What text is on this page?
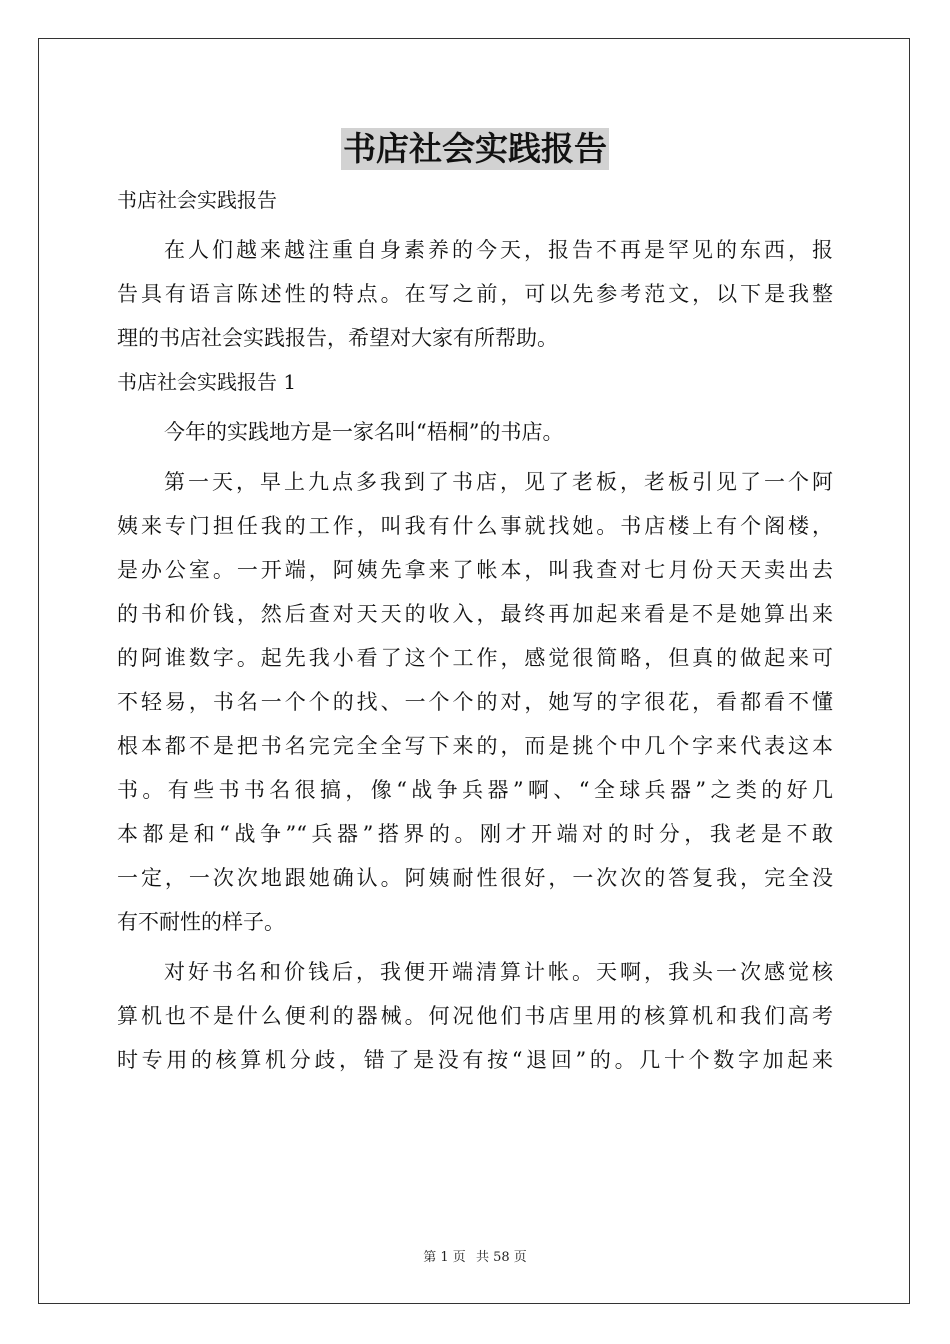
书店社会实践报告
书店社会实践报告
在人们越来越注重自身素养的今天，报告不再是罕见的东西，报
告具有语言陈述性的特点。在写之前，可以先参考范文，以下是我整
理的书店社会实践报告，希望对大家有所帮助。
书店社会实践报告 1
今年的实践地方是一家名叫“梧桐”的书店。
第一天，早上九点多我到了书店，见了老板，老板引见了一个阿
姨来专门担任我的工作，叫我有什么事就找她。书店楼上有个阁楼，
是办公室。一开端，阿姨先拿来了帐本，叫我查对七月份天天卖出去
的书和价钱，然后查对天天的收入，最终再加起来看是不是她算出来
的阿谁数字。起先我小看了这个工作，感觉很简略，但真的做起来可
不轻易，书名一个个的找、一个个的对，她写的字很花，看都看不懂
根本都不是把书名完完全全写下来的，而是挑个中几个字来代表这本
书。有些书书名很搞，像“战争兵器”啊、“全球兵器”之类的好几
本都是和“战争”“兵器”搭界的。刚才开端对的时分，我老是不敢
一定，一次次地跟她确认。阿姨耐性很好，一次次的答复我，完全没
有不耐性的样子。
对好书名和价钱后，我便开端清算计帐。天啊，我头一次感觉核
算机也不是什么便利的器械。何况他们书店里用的核算机和我们高考
时专用的核算机分歧，错了是没有按“退回”的。几十个数字加起来
第 1 页 共 58 页
